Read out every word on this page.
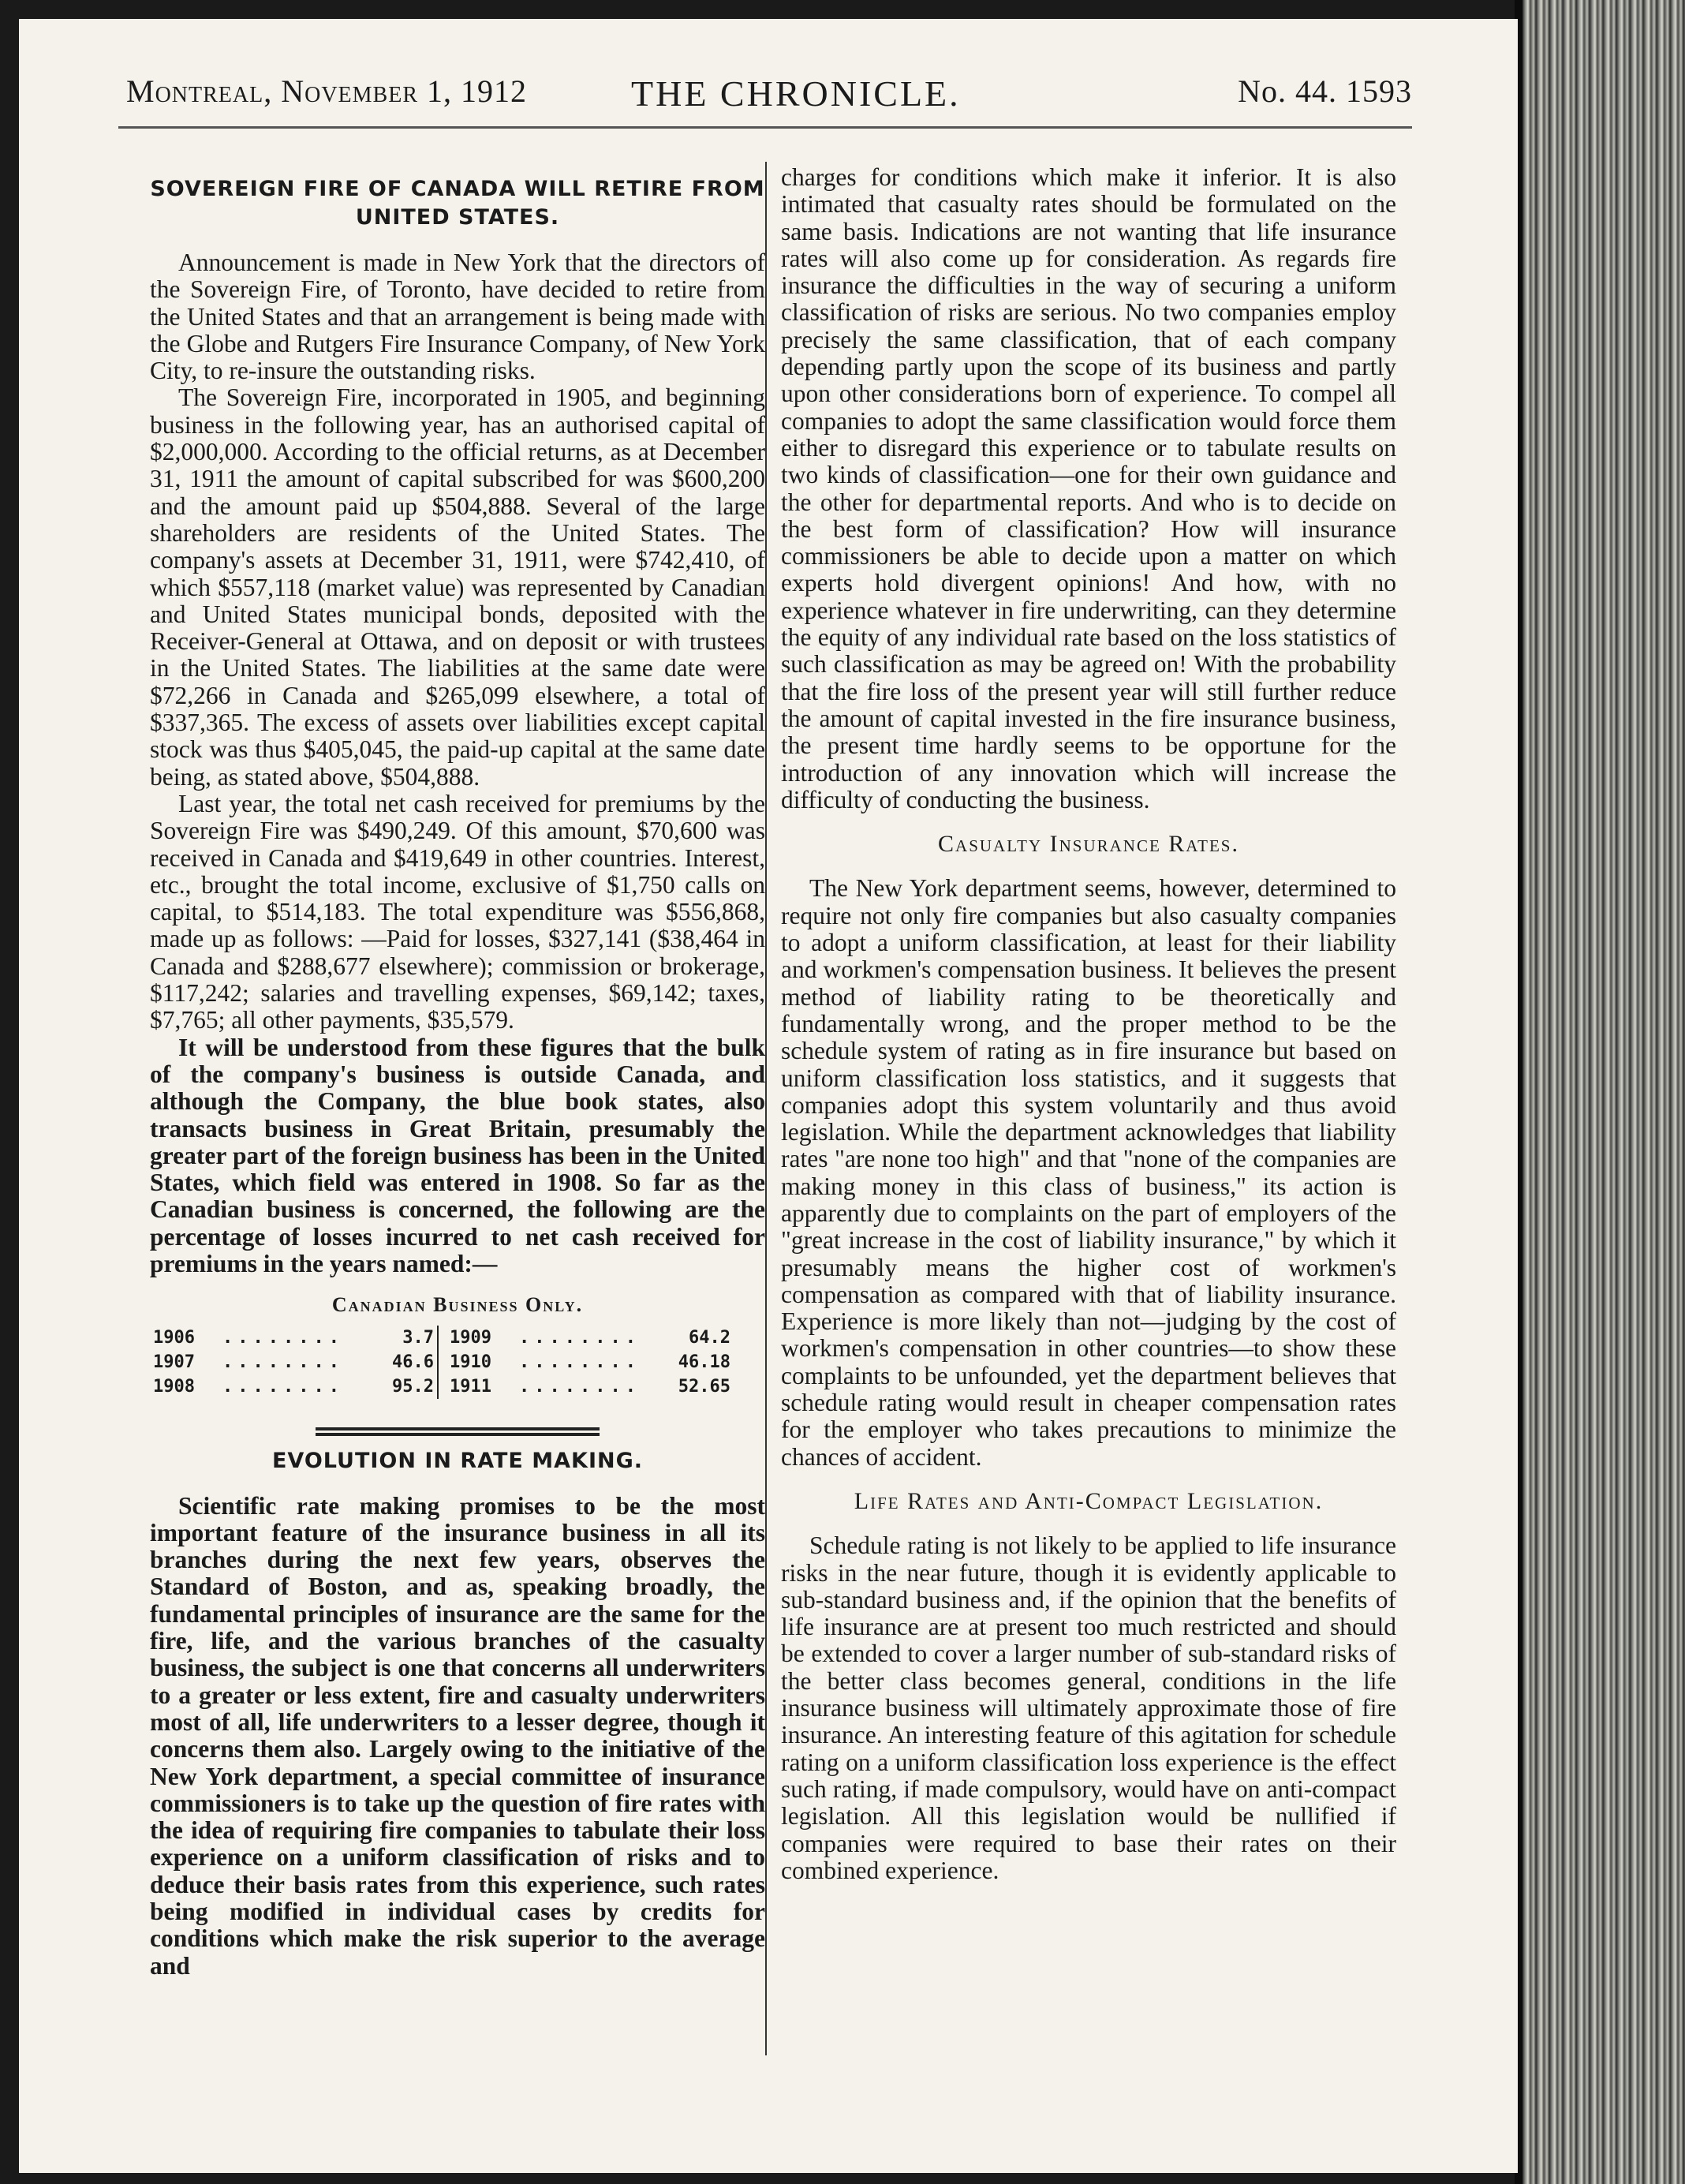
Montreal, November 1, 1912	THE CHRONICLE.	No. 44. 1593
SOVEREIGN FIRE OF CANADA WILL RETIRE FROM UNITED STATES.

Announcement is made in New York that the directors of the Sovereign Fire, of Toronto, have decided to retire from the United States and that an arrangement is being made with the Globe and Rutgers Fire Insurance Company, of New York City, to re-insure the outstanding risks.

The Sovereign Fire, incorporated in 1905, and beginning business in the following year, has an authorised capital of $2,000,000. According to the official returns, as at December 31, 1911 the amount of capital subscribed for was $600,200 and the amount paid up $504,888. Several of the large shareholders are residents of the United States. The company's assets at December 31, 1911, were $742,410, of which $557,118 (market value) was represented by Canadian and United States municipal bonds, deposited with the Receiver-General at Ottawa, and on deposit or with trustees in the United States. The liabilities at the same date were $72,266 in Canada and $265,099 elsewhere, a total of $337,365. The excess of assets over liabilities except capital stock was thus $405,045, the paid-up capital at the same date being, as stated above, $504,888.

Last year, the total net cash received for premiums by the Sovereign Fire was $490,249. Of this amount, $70,600 was received in Canada and $419,649 in other countries. Interest, etc., brought the total income, exclusive of $1,750 calls on capital, to $514,183. The total expenditure was $556,868, made up as follows: —Paid for losses, $327,141 ($38,464 in Canada and $288,677 elsewhere); commission or brokerage, $117,242; salaries and travelling expenses, $69,142; taxes, $7,765; all other payments, $35,579.

It will be understood from these figures that the bulk of the company's business is outside Canada, and although the Company, the blue book states, also transacts business in Great Britain, presumably the greater part of the foreign business has been in the United States, which field was entered in 1908. So far as the Canadian business is concerned, the following are the percentage of losses incurred to net cash received for premiums in the years named:—

Canadian Business Only.
1906	........	3.7	1909	........	64.2
1907	........	46.6	1910	........	46.18
1908	........	95.2	1911	........	52.65
EVOLUTION IN RATE MAKING.

Scientific rate making promises to be the most important feature of the insurance business in all its branches during the next few years, observes the Standard of Boston, and as, speaking broadly, the fundamental principles of insurance are the same for the fire, life, and the various branches of the casualty business, the subject is one that concerns all underwriters to a greater or less extent, fire and casualty underwriters most of all, life underwriters to a lesser degree, though it concerns them also. Largely owing to the initiative of the New York department, a special committee of insurance commissioners is to take up the question of fire rates with the idea of requiring fire companies to tabulate their loss experience on a uniform classification of risks and to deduce their basis rates from this experience, such rates being modified in individual cases by credits for conditions which make the risk superior to the average and

charges for conditions which make it inferior. It is also intimated that casualty rates should be formulated on the same basis. Indications are not wanting that life insurance rates will also come up for consideration. As regards fire insurance the difficulties in the way of securing a uniform classification of risks are serious. No two companies employ precisely the same classification, that of each company depending partly upon the scope of its business and partly upon other considerations born of experience. To compel all companies to adopt the same classification would force them either to disregard this experience or to tabulate results on two kinds of classification—one for their own guidance and the other for departmental reports. And who is to decide on the best form of classification? How will insurance commissioners be able to decide upon a matter on which experts hold divergent opinions! And how, with no experience whatever in fire underwriting, can they determine the equity of any individual rate based on the loss statistics of such classification as may be agreed on! With the probability that the fire loss of the present year will still further reduce the amount of capital invested in the fire insurance business, the present time hardly seems to be opportune for the introduction of any innovation which will increase the difficulty of conducting the business.

Casualty Insurance Rates.

The New York department seems, however, determined to require not only fire companies but also casualty companies to adopt a uniform classification, at least for their liability and workmen's compensation business. It believes the present method of liability rating to be theoretically and fundamentally wrong, and the proper method to be the schedule system of rating as in fire insurance but based on uniform classification loss statistics, and it suggests that companies adopt this system voluntarily and thus avoid legislation. While the department acknowledges that liability rates "are none too high" and that "none of the companies are making money in this class of business," its action is apparently due to complaints on the part of employers of the "great increase in the cost of liability insurance," by which it presumably means the higher cost of workmen's compensation as compared with that of liability insurance. Experience is more likely than not—judging by the cost of workmen's compensation in other countries—to show these complaints to be unfounded, yet the department believes that schedule rating would result in cheaper compensation rates for the employer who takes precautions to minimize the chances of accident.

Life Rates and Anti-Compact Legislation.

Schedule rating is not likely to be applied to life insurance risks in the near future, though it is evidently applicable to sub-standard business and, if the opinion that the benefits of life insurance are at present too much restricted and should be extended to cover a larger number of sub-standard risks of the better class becomes general, conditions in the life insurance business will ultimately approximate those of fire insurance. An interesting feature of this agitation for schedule rating on a uniform classification loss experience is the effect such rating, if made compulsory, would have on anti-compact legislation. All this legislation would be nullified if companies were required to base their rates on their combined experience.
